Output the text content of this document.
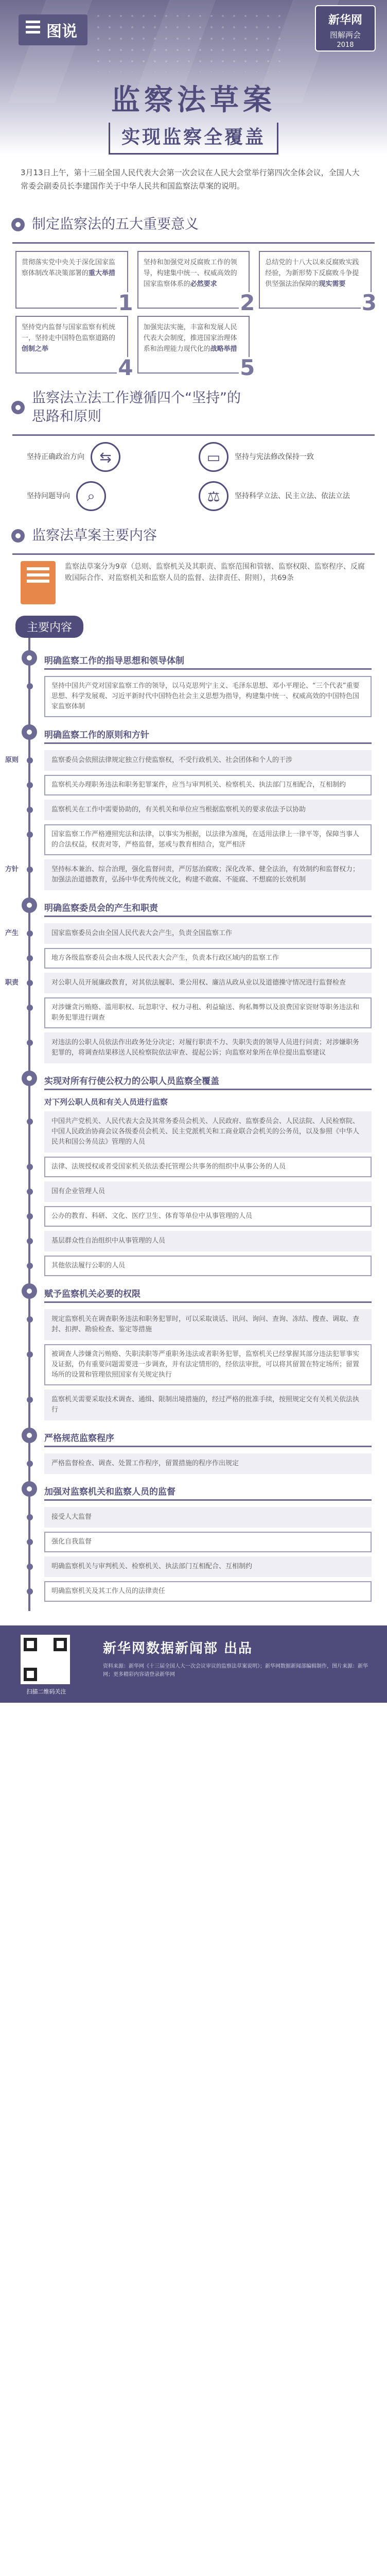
图说
新华网
图解两会
2018
监察法草案
实现监察全覆盖
3月13日上午，第十三届全国人民代表大会第一次会议在人民大会堂举行第四次全体会议，全国人大常委会副委员长李建国作关于中华人民共和国监察法草案的说明。
制定监察法的五大重要意义
贯彻落实党中央关于深化国家监察体制改革决策部署的重大举措
1
坚持和加强党对反腐败工作的领导，构建集中统一、权威高效的国家监察体系的必然要求
2
总结党的十八大以来反腐败实践经验，为新形势下反腐败斗争提供坚强法治保障的现实需要
3
坚持党内监督与国家监察有机统一，坚持走中国特色监察道路的创制之举
4
加强宪法实施，丰富和发展人民代表大会制度，推进国家治理体系和治理能力现代化的战略举措
5
监察法立法工作遵循四个“坚持”的
思路和原则
坚持正确政治方向	⇆	▭	坚持与宪法修改保持一致
坚持问题导向	⌕	⚖	坚持科学立法、民主立法、依法立法
监察法草案主要内容
监察法草案分为9章（总则、监察机关及其职责、监察范围和管辖、监察权限、监察程序、反腐败国际合作、对监察机关和监察人员的监督、法律责任、附则），共69条
主要内容
明确监察工作的指导思想和领导体制
坚持中国共产党对国家监察工作的领导，以马克思列宁主义、毛泽东思想、邓小平理论、“三个代表”重要思想、科学发展观、习近平新时代中国特色社会主义思想为指导，构建集中统一、权威高效的中国特色国家监察体制
明确监察工作的原则和方针
原则	监察委员会依照法律规定独立行使监察权，不受行政机关、社会团体和个人的干涉
监察机关办理职务违法和职务犯罪案件，应当与审判机关、检察机关、执法部门互相配合，互相制约
监察机关在工作中需要协助的，有关机关和单位应当根据监察机关的要求依法予以协助
国家监察工作严格遵照宪法和法律，以事实为根据，以法律为准绳，在适用法律上一律平等，保障当事人的合法权益，权责对等，严格监督，惩戒与教育相结合，宽严相济
方针	坚持标本兼治、综合治理，强化监督问责，严厉惩治腐败；深化改革、健全法治，有效制约和监督权力；加强法治道德教育，弘扬中华优秀传统文化，构建不敢腐、不能腐、不想腐的长效机制
明确监察委员会的产生和职责
产生	国家监察委员会由全国人民代表大会产生，负责全国监察工作
地方各级监察委员会由本级人民代表大会产生，负责本行政区域内的监察工作
职责	对公职人员开展廉政教育，对其依法履职、秉公用权、廉洁从政从业以及道德操守情况进行监督检查
对涉嫌贪污贿赂、滥用职权、玩忽职守、权力寻租、利益输送、徇私舞弊以及浪费国家资财等职务违法和职务犯罪进行调查
对违法的公职人员依法作出政务处分决定；对履行职责不力、失职失责的领导人员进行问责；对涉嫌职务犯罪的，将调查结果移送人民检察院依法审查、提起公诉；向监察对象所在单位提出监察建议
实现对所有行使公权力的公职人员监察全覆盖
对下列公职人员和有关人员进行监察
中国共产党机关、人民代表大会及其常务委员会机关、人民政府、监察委员会、人民法院、人民检察院、中国人民政治协商会议各级委员会机关、民主党派机关和工商业联合会机关的公务员，以及参照《中华人民共和国公务员法》管理的人员
法律、法规授权或者受国家机关依法委托管理公共事务的组织中从事公务的人员
国有企业管理人员
公办的教育、科研、文化、医疗卫生、体育等单位中从事管理的人员
基层群众性自治组织中从事管理的人员
其他依法履行公职的人员
赋予监察机关必要的权限
规定监察机关在调查职务违法和职务犯罪时，可以采取谈话、讯问、询问、查询、冻结、搜查、调取、查封、扣押、勘验检查、鉴定等措施
被调查人涉嫌贪污贿赂、失职渎职等严重职务违法或者职务犯罪，监察机关已经掌握其部分违法犯罪事实及证据，仍有重要问题需要进一步调查，并有法定情形的，经依法审批，可以将其留置在特定场所；留置场所的设置和管理依照国家有关规定执行
监察机关需要采取技术调查、通缉、限制出境措施的，经过严格的批准手续，按照规定交有关机关依法执行
严格规范监察程序
严格监督检查、调查、处置工作程序，留置措施的程序作出规定
加强对监察机关和监察人员的监督
接受人大监督
强化自我监督
明确监察机关与审判机关、检察机关、执法部门互相配合、互相制约
明确监察机关及其工作人员的法律责任
扫描二维码关注
新华网数据新闻部 出品
资料来源：新华网《十三届全国人大一次会议审议的监察法草案说明》；新华网数据新闻部编辑制作，图片来源：新华网；更多精彩内容请登录新华网
